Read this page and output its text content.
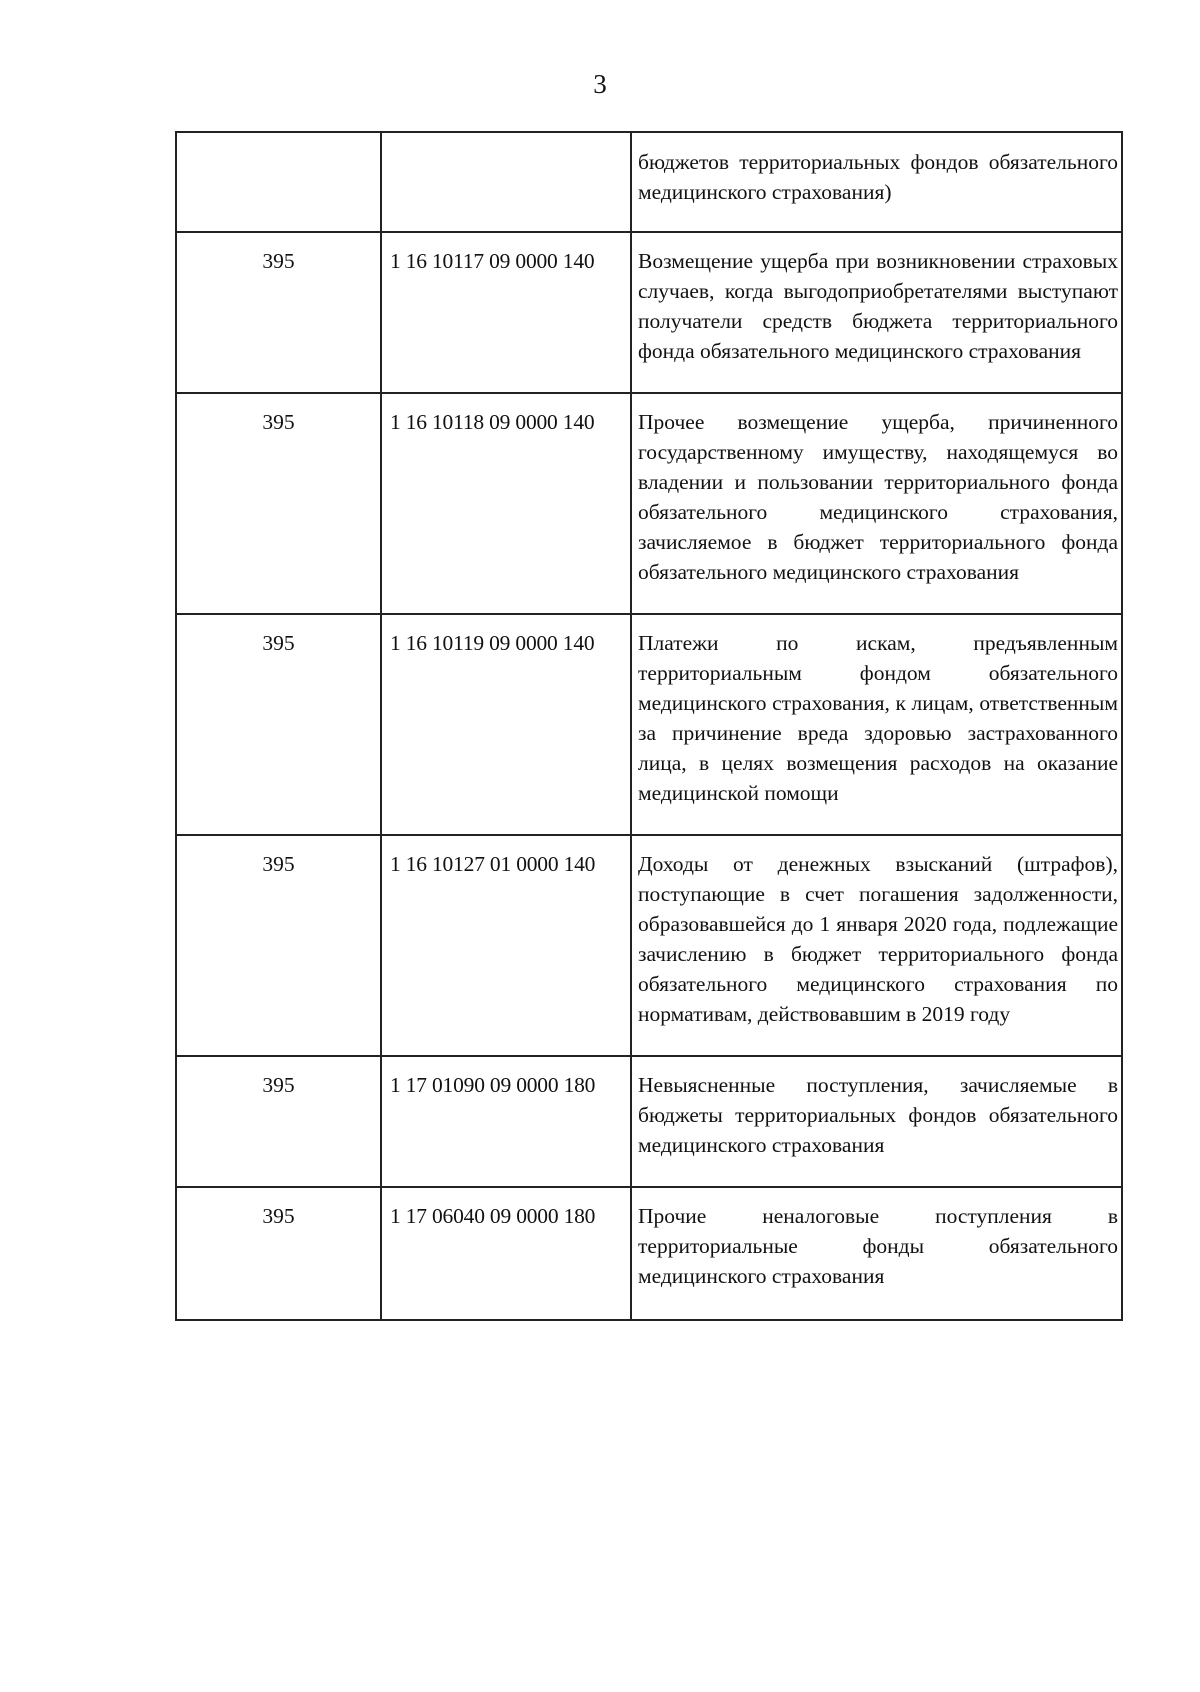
3
		бюджетов территориальных фондов обязательного медицинского страхования)
395	1 16 10117 09 0000 140	Возмещение ущерба при возникновении страховых случаев, когда выгодоприобретателями выступают получатели средств бюджета территориального фонда обязательного медицинского страхования
395	1 16 10118 09 0000 140	Прочее возмещение ущерба, причиненного государственному имуществу, находящемуся во владении и пользовании территориального фонда обязательного медицинского страхования, зачисляемое в бюджет территориального фонда обязательного медицинского страхования
395	1 16 10119 09 0000 140	Платежи по искам, предъявленным территориальным фондом обязательного медицинского страхования, к лицам, ответственным за причинение вреда здоровью застрахованного лица, в целях возмещения расходов на оказание медицинской помощи
395	1 16 10127 01 0000 140	Доходы от денежных взысканий (штрафов), поступающие в счет погашения задолженности, образовавшейся до 1 января 2020 года, подлежащие зачислению в бюджет территориального фонда обязательного медицинского страхования по нормативам, действовавшим в 2019 году
395	1 17 01090 09 0000 180	Невыясненные поступления, зачисляемые в бюджеты территориальных фондов обязательного медицинского страхования
395	1 17 06040 09 0000 180	Прочие неналоговые поступления в территориальные фонды обязательного медицинского страхования
